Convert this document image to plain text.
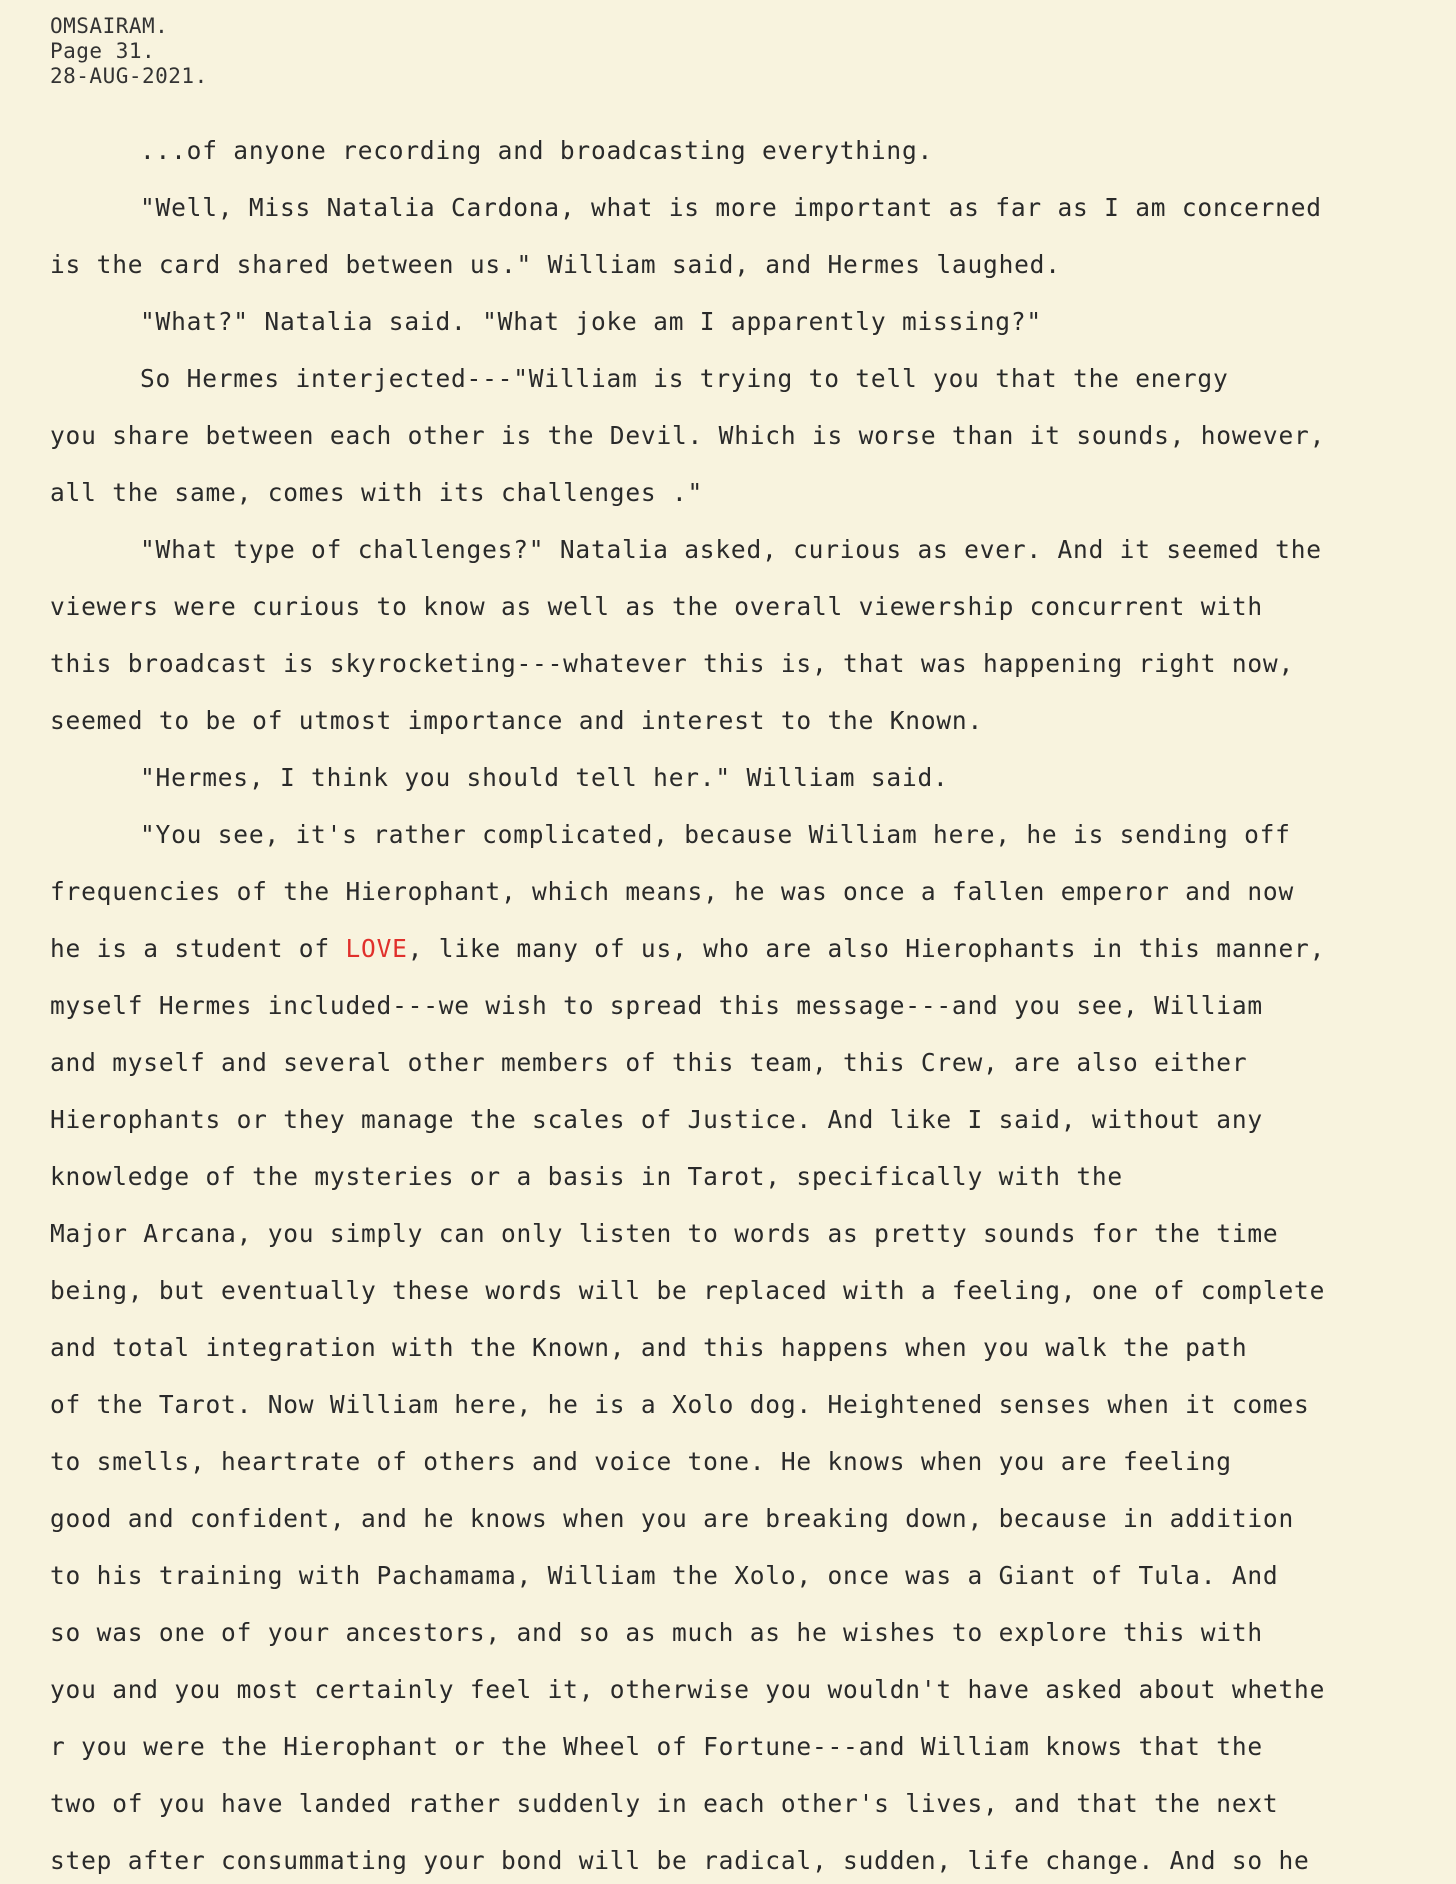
OMSAIRAM.
Page 31.
28-AUG-2021.
...of anyone recording and broadcasting everything.
"Well, Miss Natalia Cardona, what is more important as far as I am concerned
is the card shared between us." William said, and Hermes laughed.
"What?" Natalia said. "What joke am I apparently missing?"
So Hermes interjected---"William is trying to tell you that the energy
you share between each other is the Devil. Which is worse than it sounds, however,
all the same, comes with its challenges ."
"What type of challenges?" Natalia asked, curious as ever. And it seemed the
viewers were curious to know as well as the overall viewership concurrent with
this broadcast is skyrocketing---whatever this is, that was happening right now,
seemed to be of utmost importance and interest to the Known.
"Hermes, I think you should tell her." William said.
"You see, it's rather complicated, because William here, he is sending off
frequencies of the Hierophant, which means, he was once a fallen emperor and now
he is a student of LOVE, like many of us, who are also Hierophants in this manner,
myself Hermes included---we wish to spread this message---and you see, William
and myself and several other members of this team, this Crew, are also either
Hierophants or they manage the scales of Justice. And like I said, without any
knowledge of the mysteries or a basis in Tarot, specifically with the
Major Arcana, you simply can only listen to words as pretty sounds for the time
being, but eventually these words will be replaced with a feeling, one of complete
and total integration with the Known, and this happens when you walk the path
of the Tarot. Now William here, he is a Xolo dog. Heightened senses when it comes
to smells, heartrate of others and voice tone. He knows when you are feeling
good and confident, and he knows when you are breaking down, because in addition
to his training with Pachamama, William the Xolo, once was a Giant of Tula. And
so was one of your ancestors, and so as much as he wishes to explore this with
you and you most certainly feel it, otherwise you wouldn't have asked about whethe
r you were the Hierophant or the Wheel of Fortune---and William knows that the
two of you have landed rather suddenly in each other's lives, and that the next
step after consummating your bond will be radical, sudden, life change. And so he
